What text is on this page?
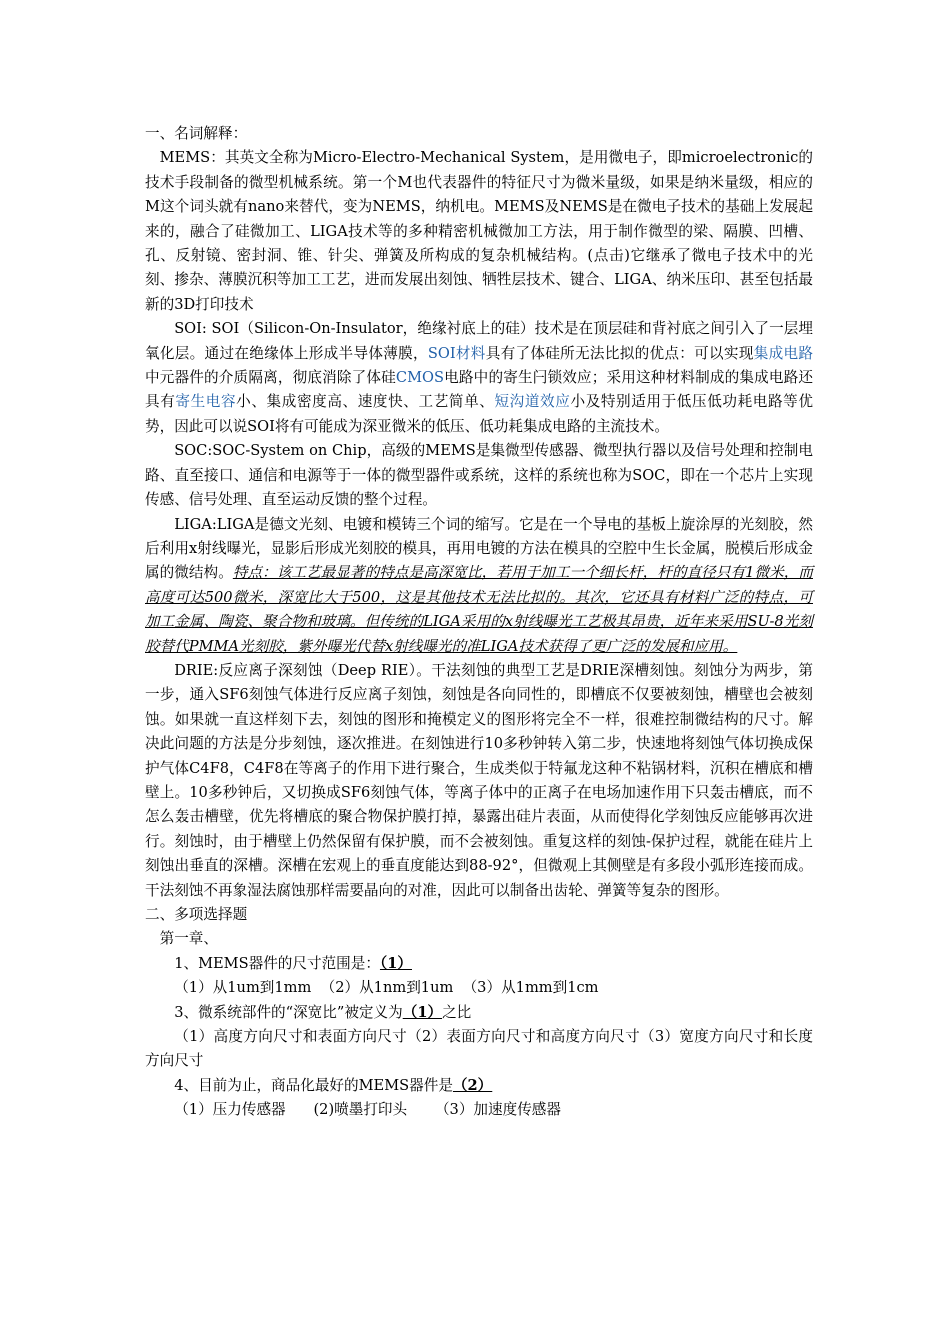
一、名词解释：

MEMS：其英文全称为Micro-Electro-Mechanical System，是用微电子，即microelectronic的技术手段制备的微型机械系统。第一个M也代表器件的特征尺寸为微米量级，如果是纳米量级，相应的M这个词头就有nano来替代，变为NEMS，纳机电。MEMS及NEMS是在微电子技术的基础上发展起来的，融合了硅微加工、LIGA技术等的多种精密机械微加工方法，用于制作微型的梁、隔膜、凹槽、孔、反射镜、密封洞、锥、针尖、弹簧及所构成的复杂机械结构。(点击)它继承了微电子技术中的光刻、掺杂、薄膜沉积等加工工艺，进而发展出刻蚀、牺牲层技术、键合、LIGA、纳米压印、甚至包括最新的3D打印技术

SOI: SOI（Silicon-On-Insulator，绝缘衬底上的硅）技术是在顶层硅和背衬底之间引入了一层埋氧化层。通过在绝缘体上形成半导体薄膜，SOI材料具有了体硅所无法比拟的优点：可以实现集成电路中元器件的介质隔离，彻底消除了体硅CMOS电路中的寄生闩锁效应；采用这种材料制成的集成电路还具有寄生电容小、集成密度高、速度快、工艺简单、短沟道效应小及特别适用于低压低功耗电路等优势，因此可以说SOI将有可能成为深亚微米的低压、低功耗集成电路的主流技术。

SOC:SOC-System on Chip，高级的MEMS是集微型传感器、微型执行器以及信号处理和控制电路、直至接口、通信和电源等于一体的微型器件或系统，这样的系统也称为SOC，即在一个芯片上实现传感、信号处理、直至运动反馈的整个过程。

LIGA:LIGA是德文光刻、电镀和模铸三个词的缩写。它是在一个导电的基板上旋涂厚的光刻胶，然后利用x射线曝光，显影后形成光刻胶的模具，再用电镀的方法在模具的空腔中生长金属，脱模后形成金属的微结构。特点：该工艺最显著的特点是高深宽比，若用于加工一个细长杆，杆的直径只有1微米，而高度可达500微米，深宽比大于500，这是其他技术无法比拟的。其次，它还具有材料广泛的特点，可加工金属、陶瓷、聚合物和玻璃。但传统的LIGA采用的x射线曝光工艺极其昂贵，近年来采用SU-8光刻胶替代PMMA光刻胶，紫外曝光代替x射线曝光的准LIGA技术获得了更广泛的发展和应用。

DRIE:反应离子深刻蚀（Deep RIE）。干法刻蚀的典型工艺是DRIE深槽刻蚀。刻蚀分为两步，第一步，通入SF6刻蚀气体进行反应离子刻蚀，刻蚀是各向同性的，即槽底不仅要被刻蚀，槽壁也会被刻蚀。如果就一直这样刻下去，刻蚀的图形和掩模定义的图形将完全不一样，很难控制微结构的尺寸。解决此问题的方法是分步刻蚀，逐次推进。在刻蚀进行10多秒钟转入第二步，快速地将刻蚀气体切换成保护气体C4F8，C4F8在等离子的作用下进行聚合，生成类似于特氟龙这种不粘锅材料，沉积在槽底和槽壁上。10多秒钟后，又切换成SF6刻蚀气体，等离子体中的正离子在电场加速作用下只轰击槽底，而不怎么轰击槽壁，优先将槽底的聚合物保护膜打掉，暴露出硅片表面，从而使得化学刻蚀反应能够再次进行。刻蚀时，由于槽壁上仍然保留有保护膜，而不会被刻蚀。重复这样的刻蚀-保护过程，就能在硅片上刻蚀出垂直的深槽。深槽在宏观上的垂直度能达到88-92°，但微观上其侧壁是有多段小弧形连接而成。干法刻蚀不再象湿法腐蚀那样需要晶向的对准，因此可以制备出齿轮、弹簧等复杂的图形。

二、多项选择题

第一章、

1、MEMS器件的尺寸范围是：（1）

（1）从1um到1mm  （2）从1nm到1um  （3）从1mm到1cm

3、微系统部件的“深宽比”被定义为（1）之比

（1）高度方向尺寸和表面方向尺寸（2）表面方向尺寸和高度方向尺寸（3）宽度方向尺寸和长度方向尺寸

4、目前为止，商品化最好的MEMS器件是（2）

（1）压力传感器      (2)喷墨打印头      （3）加速度传感器
